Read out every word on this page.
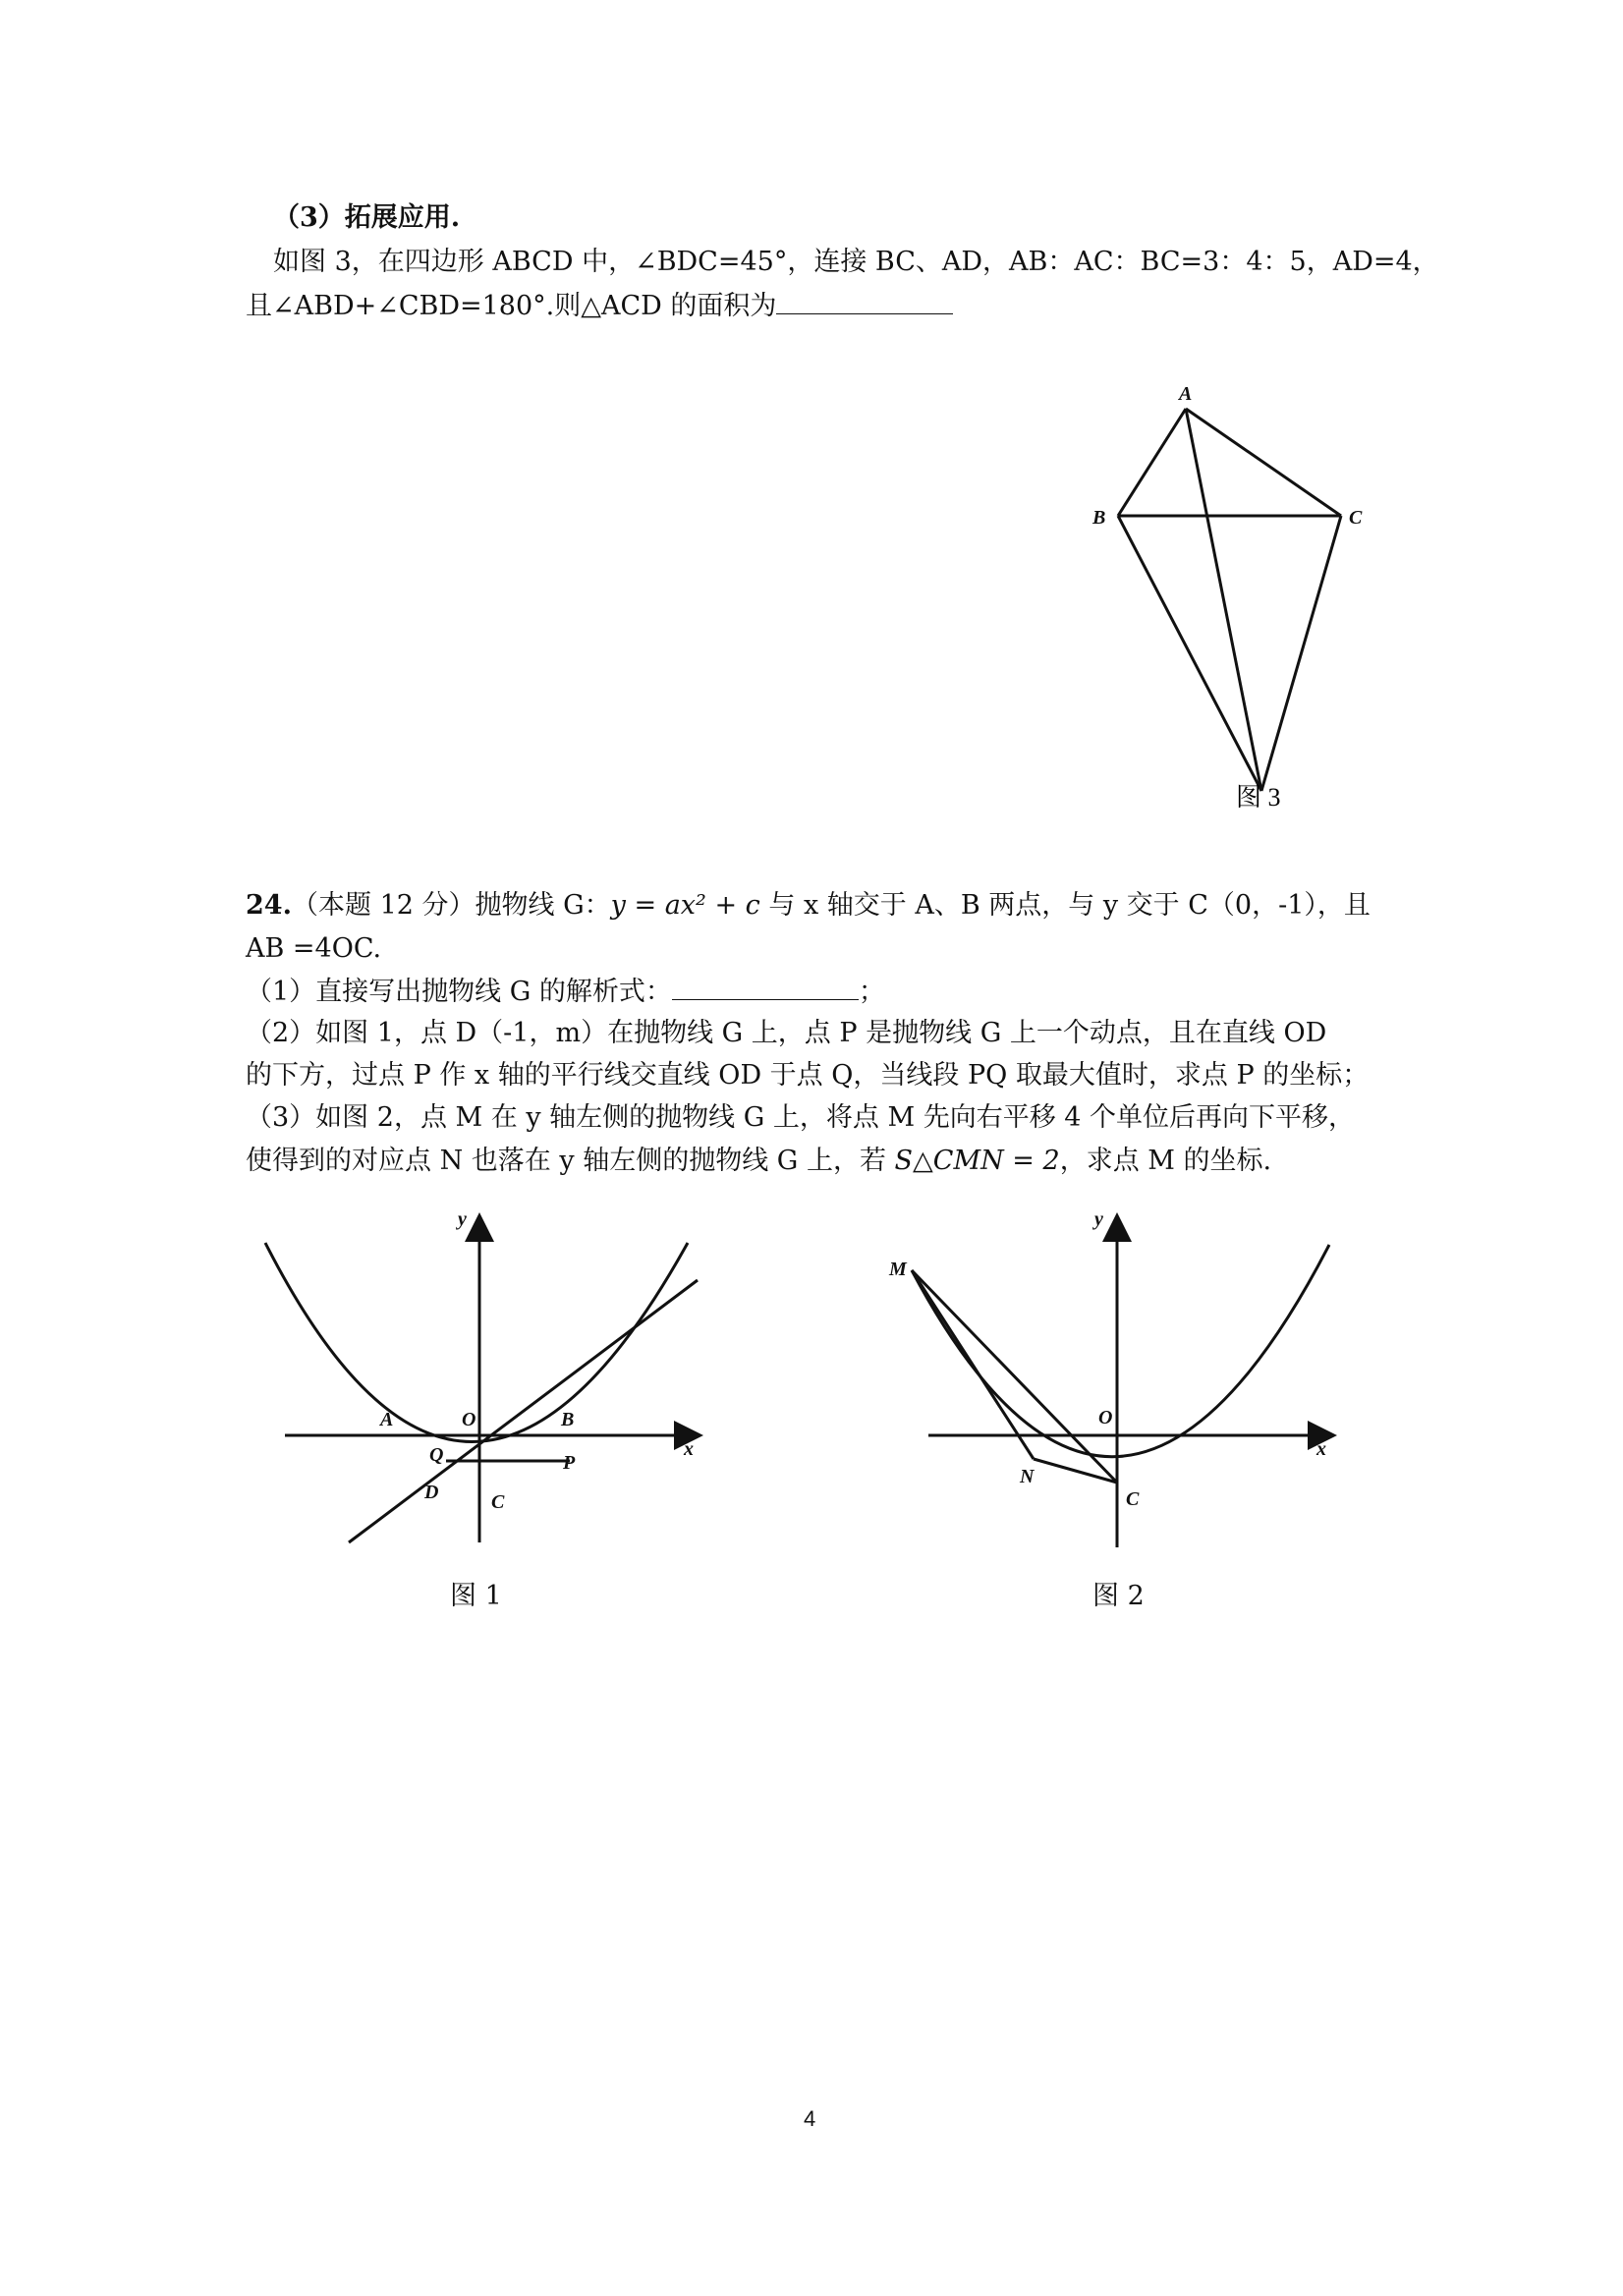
（3）拓展应用.
如图 3，在四边形 ABCD 中，∠BDC=45°，连接 BC、AD，AB：AC：BC=3：4：5，AD=4，
且∠ABD+∠CBD=180°.则△ACD 的面积为
A
B	C
图 3
24.（本题 12 分）抛物线 G：y = ax² + c 与 x 轴交于 A、B 两点，与 y 交于 C（0，-1），且
AB =4OC.
（1）直接写出抛物线 G 的解析式：	；
（2）如图 1，点 D（-1，m）在抛物线 G 上，点 P 是抛物线 G 上一个动点，且在直线 OD
的下方，过点 P 作 x 轴的平行线交直线 OD 于点 Q，当线段 PQ 取最大值时，求点 P 的坐标；
（3）如图 2，点 M 在 y 轴左侧的抛物线 G 上，将点 M 先向右平移 4 个单位后再向下平移，
使得到的对应点 N 也落在 y 轴左侧的抛物线 G 上，若 S△CMN = 2，求点 M 的坐标.
A	O	B
Q	P
D	C
y
x
图 1
M
O
N
C
y
x
图 2
4
